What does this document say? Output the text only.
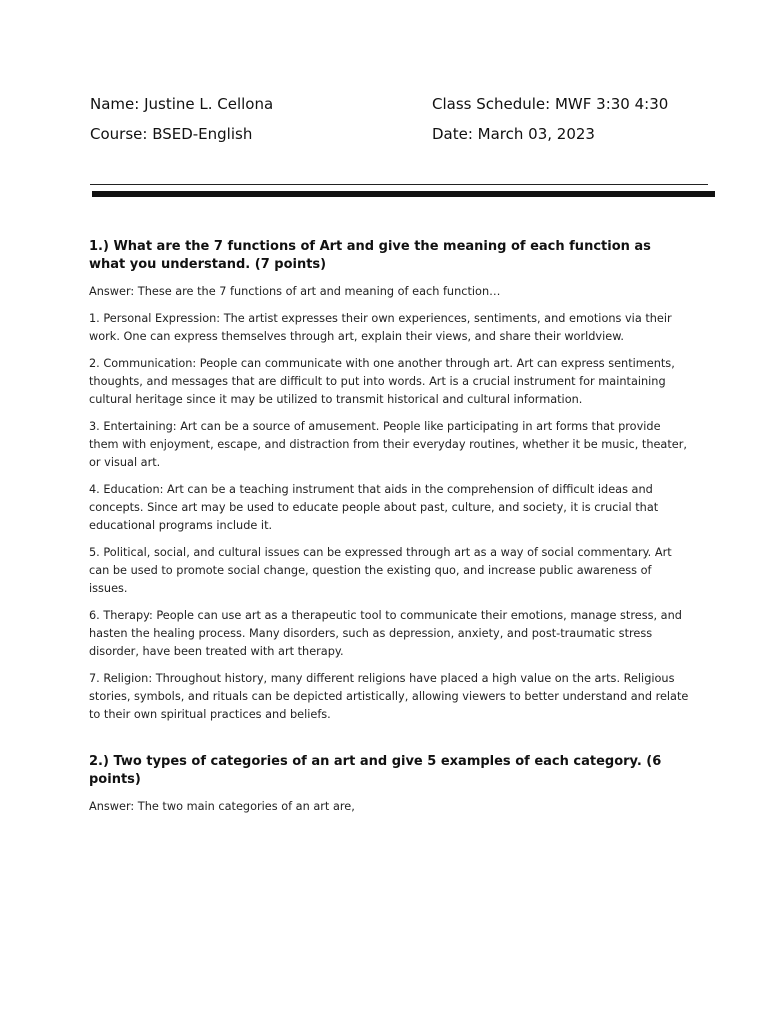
Name: Justine L. Cellona	Class Schedule: MWF 3:30 4:30
Course: BSED-English	Date: March 03, 2023

1.) What are the 7 functions of Art and give the meaning of each function as what you understand. (7 points)

Answer: These are the 7 functions of art and meaning of each function…

1. Personal Expression: The artist expresses their own experiences, sentiments, and emotions via their work. One can express themselves through art, explain their views, and share their worldview.

2. Communication: People can communicate with one another through art. Art can express sentiments, thoughts, and messages that are difficult to put into words. Art is a crucial instrument for maintaining cultural heritage since it may be utilized to transmit historical and cultural information.

3. Entertaining: Art can be a source of amusement. People like participating in art forms that provide them with enjoyment, escape, and distraction from their everyday routines, whether it be music, theater, or visual art.

4. Education: Art can be a teaching instrument that aids in the comprehension of difficult ideas and concepts. Since art may be used to educate people about past, culture, and society, it is crucial that educational programs include it.

5. Political, social, and cultural issues can be expressed through art as a way of social commentary. Art can be used to promote social change, question the existing quo, and increase public awareness of issues.

6. Therapy: People can use art as a therapeutic tool to communicate their emotions, manage stress, and hasten the healing process. Many disorders, such as depression, anxiety, and post-traumatic stress disorder, have been treated with art therapy.

7. Religion: Throughout history, many different religions have placed a high value on the arts. Religious stories, symbols, and rituals can be depicted artistically, allowing viewers to better understand and relate to their own spiritual practices and beliefs.

2.) Two types of categories of an art and give 5 examples of each category. (6 points)

Answer: The two main categories of an art are,
